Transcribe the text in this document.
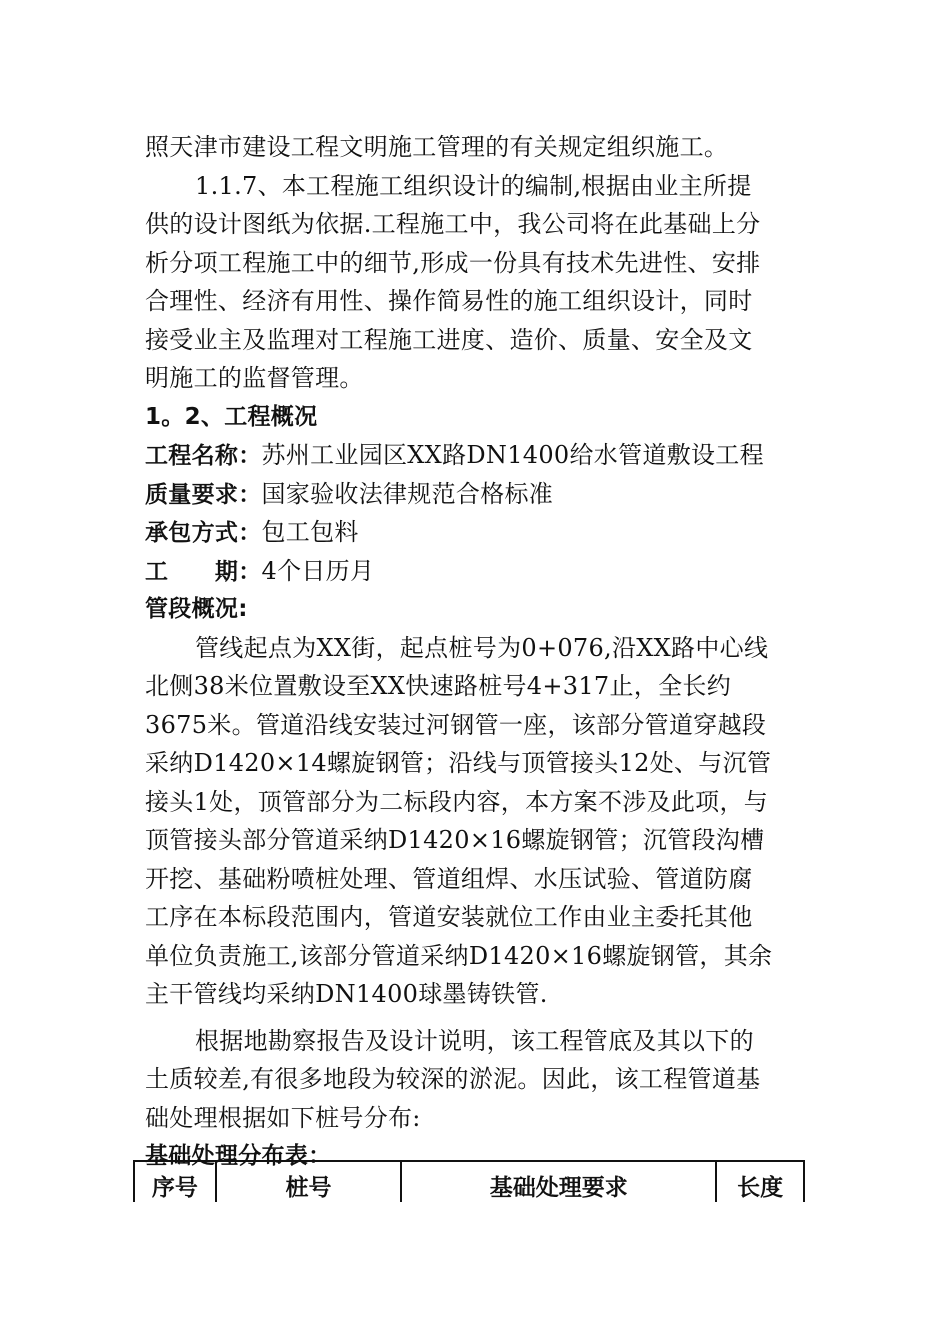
照天津市建设工程文明施工管理的有关规定组织施工。
1.1.7、本工程施工组织设计的编制,根据由业主所提
供的设计图纸为依据.工程施工中，我公司将在此基础上分
析分项工程施工中的细节,形成一份具有技术先进性、安排
合理性、经济有用性、操作简易性的施工组织设计，同时
接受业主及监理对工程施工进度、造价、质量、安全及文
明施工的监督管理。
1。2、工程概况
工程名称：苏州工业园区XX路DN1400给水管道敷设工程
质量要求：国家验收法律规范合格标准
承包方式：包工包料
工　　期：4个日历月
管段概况:
管线起点为XX街，起点桩号为0+076,沿XX路中心线
北侧38米位置敷设至XX快速路桩号4+317止，全长约
3675米。管道沿线安装过河钢管一座，该部分管道穿越段
采纳D1420×14螺旋钢管；沿线与顶管接头12处、与沉管
接头1处，顶管部分为二标段内容，本方案不涉及此项，与
顶管接头部分管道采纳D1420×16螺旋钢管；沉管段沟槽
开挖、基础粉喷桩处理、管道组焊、水压试验、管道防腐
工序在本标段范围内，管道安装就位工作由业主委托其他
单位负责施工,该部分管道采纳D1420×16螺旋钢管，其余
主干管线均采纳DN1400球墨铸铁管.
根据地勘察报告及设计说明，该工程管底及其以下的
土质较差,有很多地段为较深的淤泥。因此，该工程管道基
础处理根据如下桩号分布:
基础处理分布表：
序号	桩号	基础处理要求	长度
